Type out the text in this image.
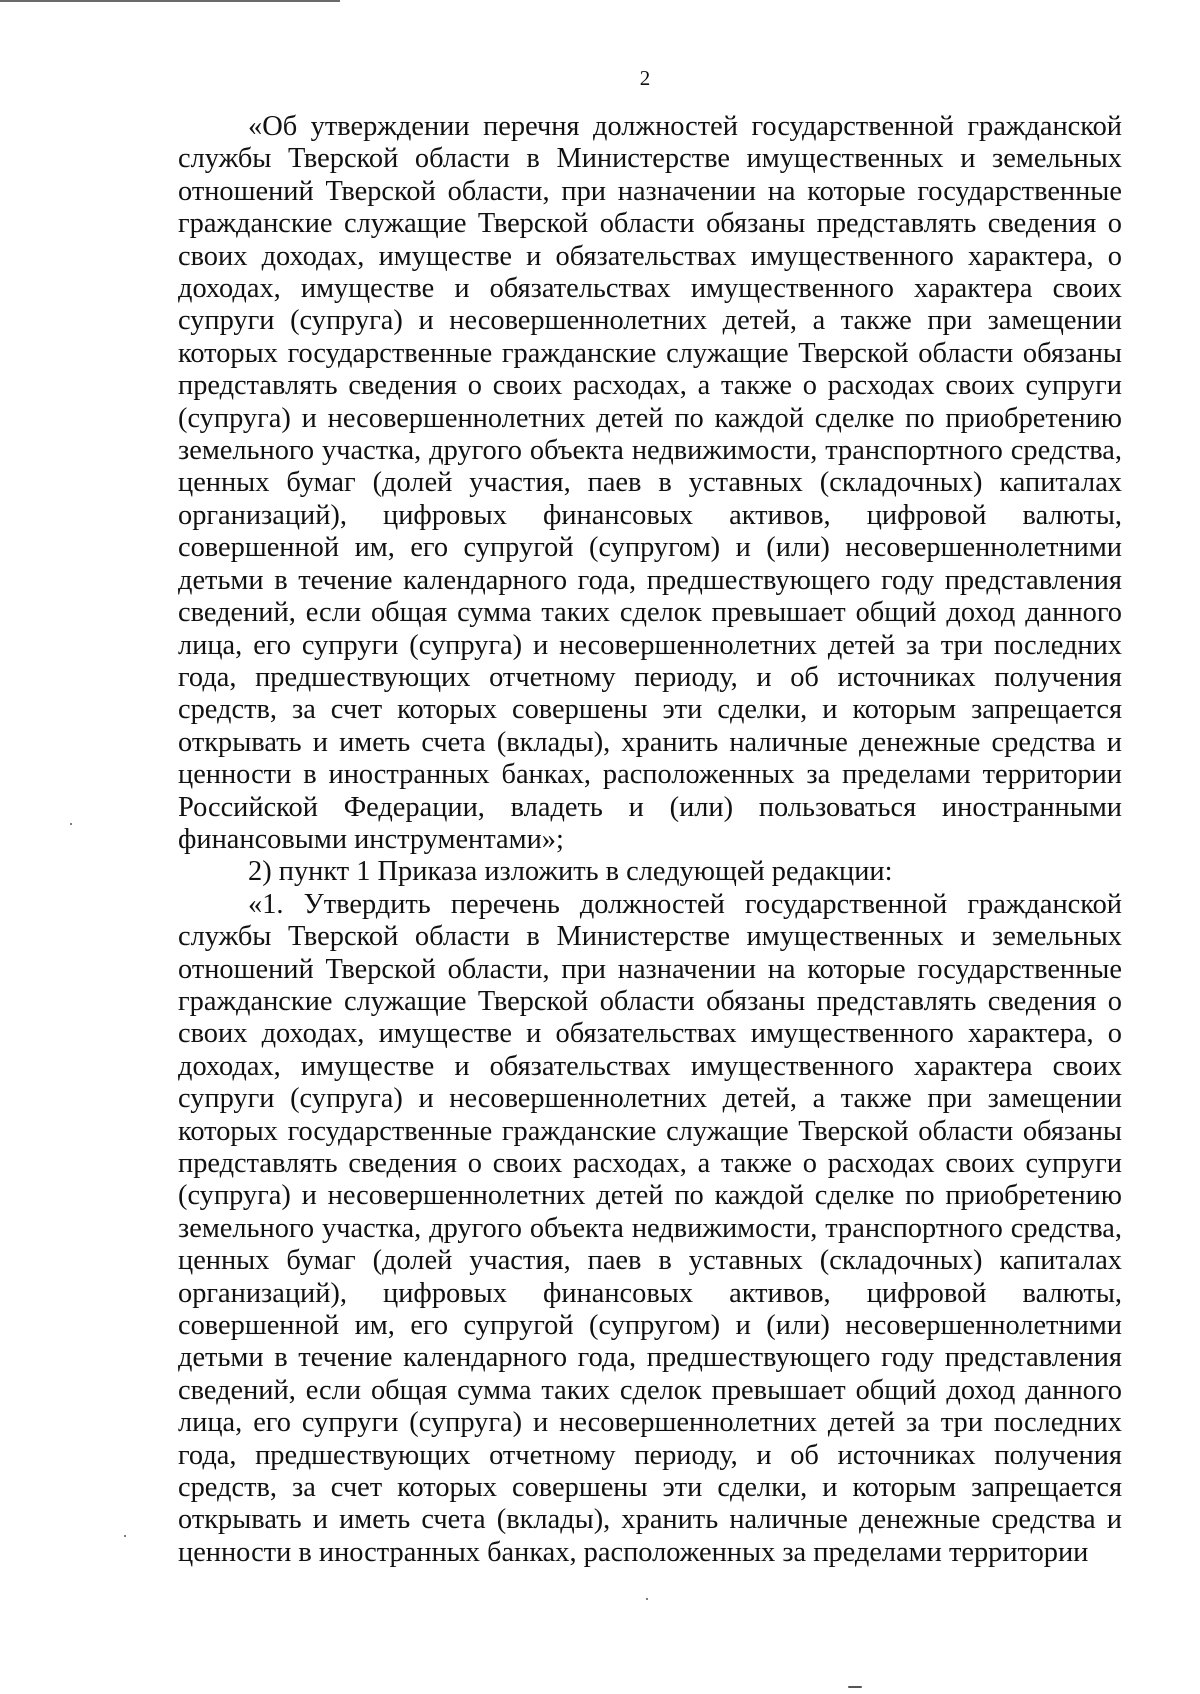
2

«Об утверждении перечня должностей государственной гражданской службы Тверской области в Министерстве имущественных и земельных отношений Тверской области, при назначении на которые государственные гражданские служащие Тверской области обязаны представлять сведения о своих доходах, имуществе и обязательствах имущественного характера, о доходах, имуществе и обязательствах имущественного характера своих супруги (супруга) и несовершеннолетних детей, а также при замещении которых государственные гражданские служащие Тверской области обязаны представлять сведения о своих расходах, а также о расходах своих супруги (супруга) и несовершеннолетних детей по каждой сделке по приобретению земельного участка, другого объекта недвижимости, транспортного средства, ценных бумаг (долей участия, паев в уставных (складочных) капиталах организаций), цифровых финансовых активов, цифровой валюты, совершенной им, его супругой (супругом) и (или) несовершеннолетними детьми в течение календарного года, предшествующего году представления сведений, если общая сумма таких сделок превышает общий доход данного лица, его супруги (супруга) и несовершеннолетних детей за три последних года, предшествующих отчетному периоду, и об источниках получения средств, за счет которых совершены эти сделки, и которым запрещается открывать и иметь счета (вклады), хранить наличные денежные средства и ценности в иностранных банках, расположенных за пределами территории Российской Федерации, владеть и (или) пользоваться иностранными финансовыми инструментами»;

2) пункт 1 Приказа изложить в следующей редакции:

«1. Утвердить перечень должностей государственной гражданской службы Тверской области в Министерстве имущественных и земельных отношений Тверской области, при назначении на которые государственные гражданские служащие Тверской области обязаны представлять сведения о своих доходах, имуществе и обязательствах имущественного характера, о доходах, имуществе и обязательствах имущественного характера своих супруги (супруга) и несовершеннолетних детей, а также при замещении которых государственные гражданские служащие Тверской области обязаны представлять сведения о своих расходах, а также о расходах своих супруги (супруга) и несовершеннолетних детей по каждой сделке по приобретению земельного участка, другого объекта недвижимости, транспортного средства, ценных бумаг (долей участия, паев в уставных (складочных) капиталах организаций), цифровых финансовых активов, цифровой валюты, совершенной им, его супругой (супругом) и (или) несовершеннолетними детьми в течение календарного года, предшествующего году представления сведений, если общая сумма таких сделок превышает общий доход данного лица, его супруги (супруга) и несовершеннолетних детей за три последних года, предшествующих отчетному периоду, и об источниках получения средств, за счет которых совершены эти сделки, и которым запрещается открывать и иметь счета (вклады), хранить наличные денежные средства и ценности в иностранных банках, расположенных за пределами территории
